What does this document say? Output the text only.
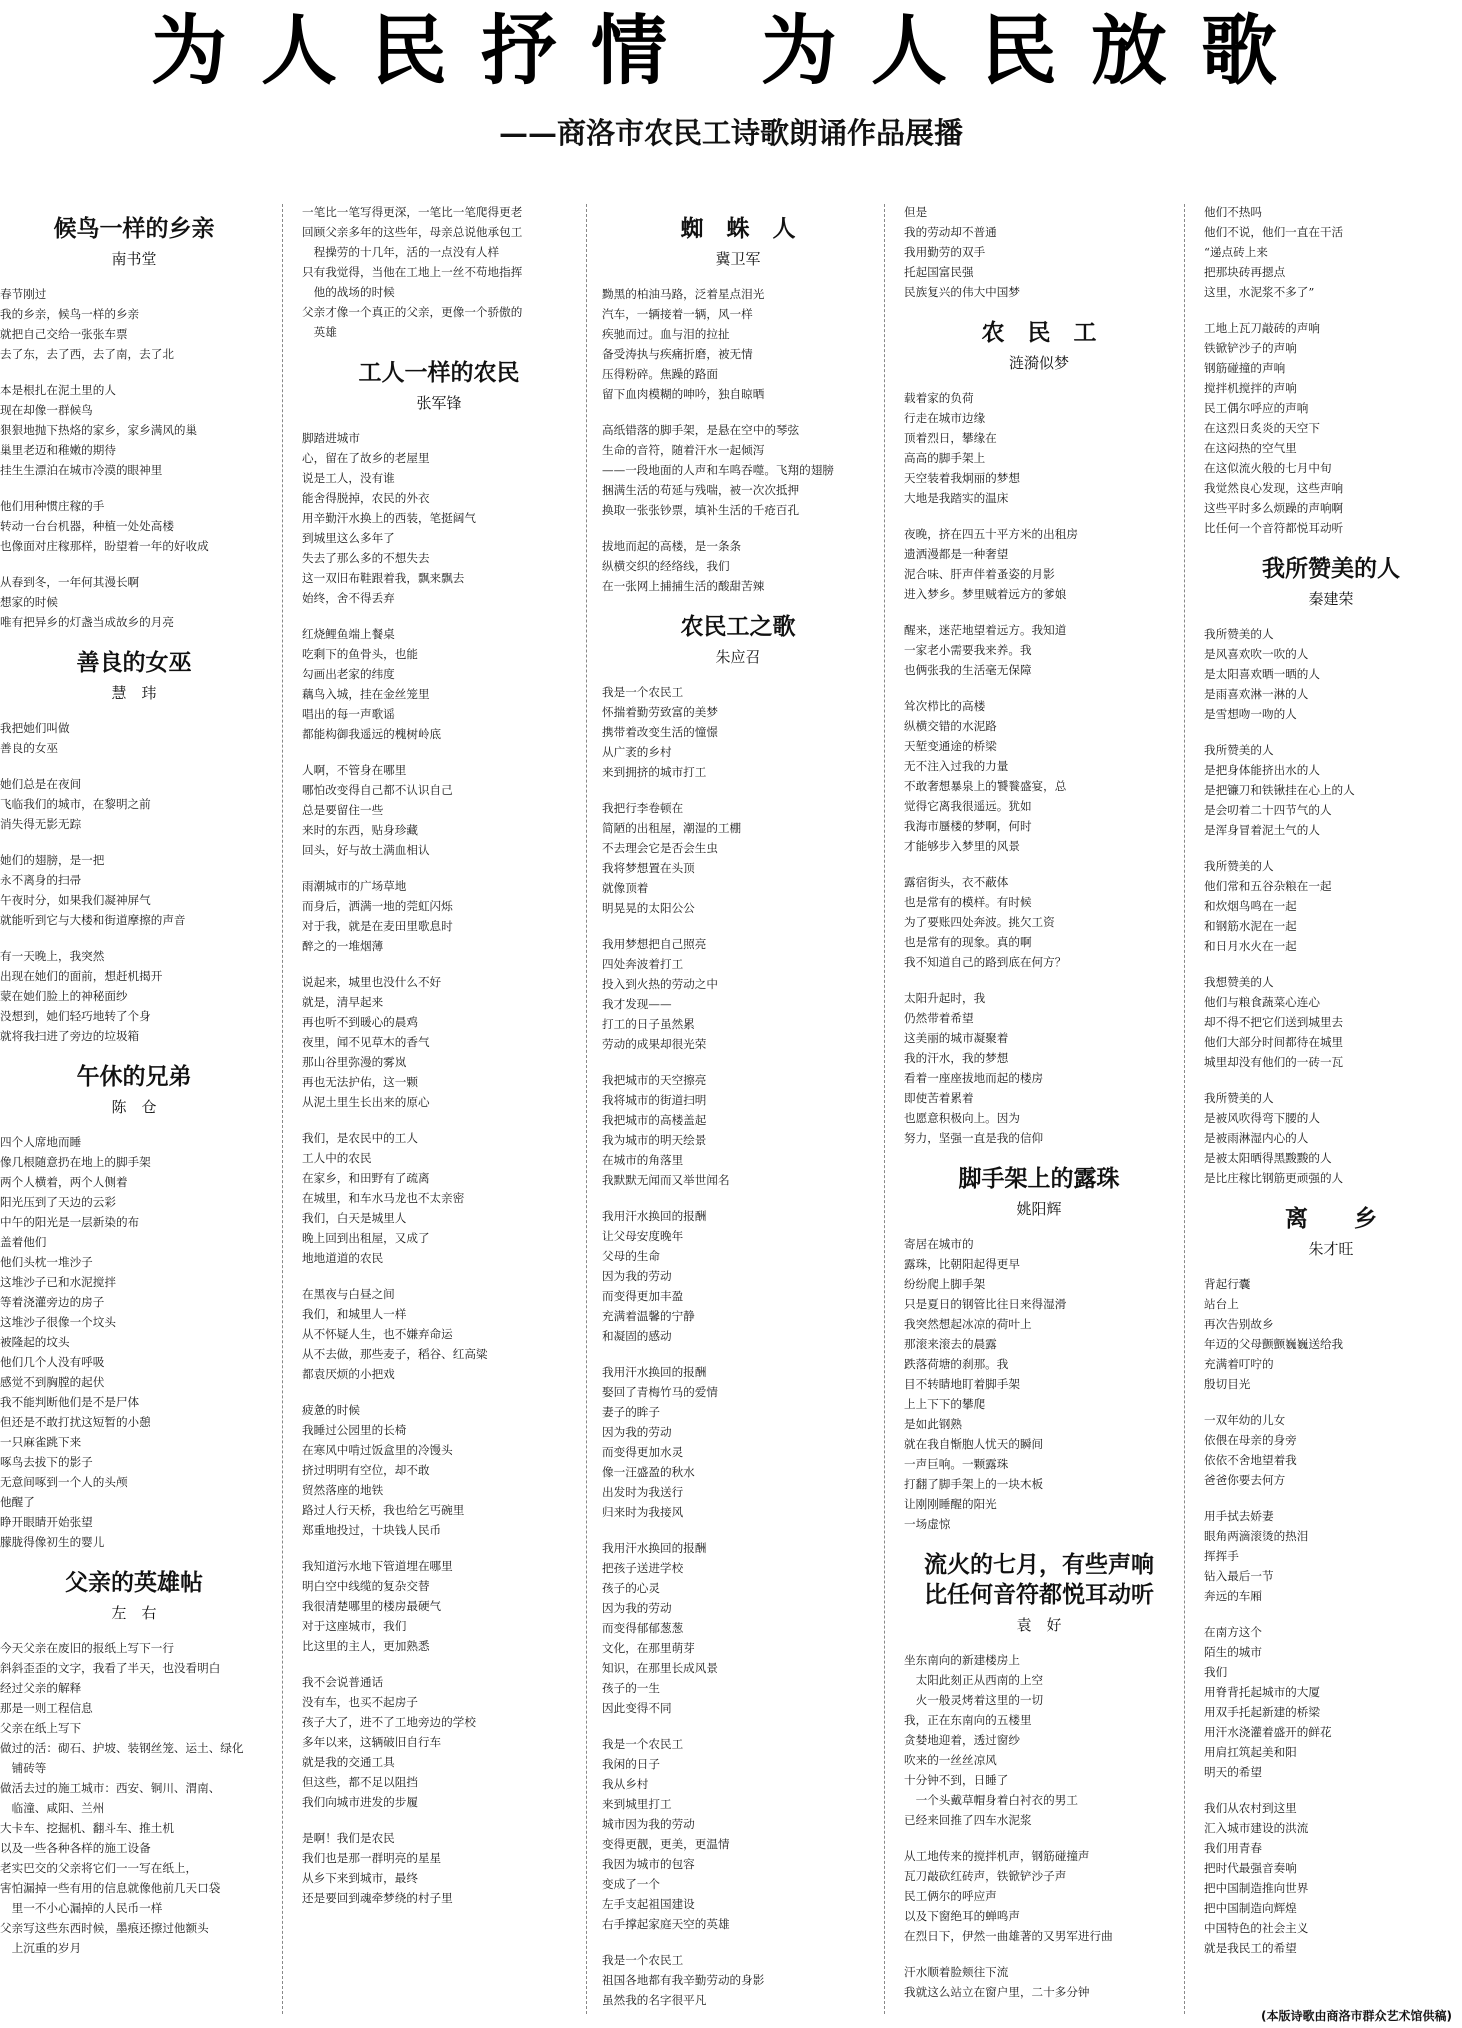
为人民抒情 为人民放歌
——商洛市农民工诗歌朗诵作品展播
候鸟一样的乡亲
南书堂
春节刚过
我的乡亲，候鸟一样的乡亲
就把自己交给一张张车票
去了东，去了西，去了南，去了北
本是根扎在泥土里的人
现在却像一群候鸟
狠狠地抛下热烙的家乡，家乡满风的巢
巢里老迈和稚嫩的期待
挂生生漂泊在城市冷漠的眼神里
他们用种惯庄稼的手
转动一台台机器，种植一处处高楼
也像面对庄稼那样，盼望着一年的好收成
从春到冬，一年何其漫长啊
想家的时候
唯有把异乡的灯盏当成故乡的月亮
善良的女巫
慧　玮
我把她们叫做
善良的女巫
她们总是在夜间
飞临我们的城市，在黎明之前
消失得无影无踪
她们的翅膀，是一把
永不离身的扫帚
午夜时分，如果我们凝神屏气
就能听到它与大楼和街道摩擦的声音
有一天晚上，我突然
出现在她们的面前，想赶机揭开
蒙在她们脸上的神秘面纱
没想到，她们轻巧地转了个身
就将我扫进了旁边的垃圾箱
午休的兄弟
陈　仓
四个人席地而睡
像几根随意扔在地上的脚手架
两个人横着，两个人侧着
阳光压到了天边的云彩
中午的阳光是一层新染的布
盖着他们
他们头枕一堆沙子
这堆沙子已和水泥搅拌
等着浇灌旁边的房子
这堆沙子很像一个坟头
被隆起的坟头
他们几个人没有呼吸
感觉不到胸膛的起伏
我不能判断他们是不是尸体
但还是不敢打扰这短暂的小憩
一只麻雀跳下来
啄鸟去拔下的影子
无意间啄到一个人的头颅
他醒了
睁开眼睛开始张望
朦胧得像初生的婴儿
父亲的英雄帖
左　右
今天父亲在废旧的报纸上写下一行
斜斜歪歪的文字，我看了半天，也没看明白
经过父亲的解释
那是一则工程信息
父亲在纸上写下
做过的活：砌石、护坡、装钢丝笼、运土、绿化
　铺砖等
做活去过的施工城市：西安、铜川、渭南、
　临潼、咸阳、兰州
大卡车、挖掘机、翻斗车、推土机
以及一些各种各样的施工设备
老实巴交的父亲将它们一一写在纸上，
害怕漏掉一些有用的信息就像他前几天口袋
　里一不小心漏掉的人民币一样
父亲写这些东西时候，墨痕还擦过他额头
　上沉重的岁月
一笔比一笔写得更深，一笔比一笔爬得更老
回顾父亲多年的这些年，母亲总说他承包工
　程操劳的十几年，活的一点没有人样
只有我觉得，当他在工地上一丝不苟地指挥
　他的战场的时候
父亲才像一个真正的父亲，更像一个骄傲的
　英雄
工人一样的农民
张军锋
脚踏进城市
心，留在了故乡的老屋里
说是工人，没有谁
能舍得脱掉，农民的外衣
用辛勤汗水换上的西装，笔挺阔气
到城里这么多年了
失去了那么多的不想失去
这一双旧布鞋跟着我，飘来飘去
始终，舍不得丢弃
红烧鲤鱼端上餐桌
吃剩下的鱼骨头，也能
勾画出老家的纬度
藕鸟入城，挂在金丝笼里
唱出的每一声歌谣
都能构御我遥远的槐树岭底
人啊，不管身在哪里
哪怕改变得自己都不认识自己
总是要留住一些
来时的东西，贴身珍藏
回头，好与故土满血相认
雨潮城市的广场草地
而身后，洒满一地的莞虹闪烁
对于我，就是在麦田里歌息时
醉之的一堆烟薄
说起来，城里也没什么不好
就是，清早起来
再也听不到暖心的晨鸡
夜里，闻不见草木的香气
那山谷里弥漫的雾岚
再也无法护佑，这一颗
从泥土里生长出来的原心
我们，是农民中的工人
工人中的农民
在家乡，和田野有了疏离
在城里，和车水马龙也不太亲密
我们，白天是城里人
晚上回到出租屋，又成了
地地道道的农民
在黑夜与白昼之间
我们，和城里人一样
从不怀疑人生，也不嫌弃命运
从不去做，那些麦子，稻谷、红高粱
都袁厌烦的小把戏
疲惫的时候
我睡过公园里的长椅
在寒风中啃过饭盒里的冷馒头
挤过明明有空位，却不敢
贸然落座的地铁
路过人行天桥，我也给乞丐碗里
郑重地投过，十块钱人民币
我知道污水地下管道埋在哪里
明白空中线缆的复杂交替
我很清楚哪里的楼房最硬气
对于这座城市，我们
比这里的主人，更加熟悉
我不会说普通话
没有车，也买不起房子
孩子大了，进不了工地旁边的学校
多年以来，这辆破旧自行车
就是我的交通工具
但这些，都不足以阻挡
我们向城市进发的步履
是啊！我们是农民
我们也是那一群明亮的星星
从乡下来到城市，最终
还是要回到魂牵梦绕的村子里
蜘　蛛　人
冀卫军
黝黑的柏油马路，泛着星点泪光
汽车，一辆接着一辆，风一样
疾驰而过。血与泪的拉扯
备受涛执与疾痛折磨，被无情
压得粉碎。焦躁的路面
留下血肉模糊的呻吟，独自晾晒
高纸错落的脚手架，是悬在空中的琴弦
生命的音符，随着汗水一起倾泻
——一段地面的人声和车鸣吞噬。飞翔的翅膀
捆满生活的苟延与残喘，被一次次抵押
换取一张张钞票，填补生活的千疮百孔
拔地而起的高楼，是一条条
纵横交织的经络线，我们
在一张网上捕捕生活的酸甜苦辣
农民工之歌
朱应召
我是一个农民工
怀揣着勤劳致富的美梦
携带着改变生活的憧憬
从广袤的乡村
来到拥挤的城市打工
我把行李卷顿在
简陋的出租屋，潮湿的工棚
不去理会它是否会生虫
我将梦想置在头顶
就像顶着
明晃晃的太阳公公
我用梦想把自己照亮
四处奔波着打工
投入到火热的劳动之中
我才发现——
打工的日子虽然累
劳动的成果却很光荣
我把城市的天空擦亮
我将城市的街道扫明
我把城市的高楼盖起
我为城市的明天绘景
在城市的角落里
我默默无闻而又举世闻名
我用汗水换回的报酬
让父母安度晚年
父母的生命
因为我的劳动
而变得更加丰盈
充满着温馨的宁静
和凝固的感动
我用汗水换回的报酬
娶回了青梅竹马的爱情
妻子的眸子
因为我的劳动
而变得更加水灵
像一汪盛盈的秋水
出发时为我送行
归来时为我接风
我用汗水换回的报酬
把孩子送进学校
孩子的心灵
因为我的劳动
而变得郁郁葱葱
文化，在那里萌芽
知识，在那里长成风景
孩子的一生
因此变得不同
我是一个农民工
我闲的日子
我从乡村
来到城里打工
城市因为我的劳动
变得更靓，更美，更温情
我因为城市的包容
变成了一个
左手支起祖国建设
右手撑起家庭天空的英雄
我是一个农民工
祖国各地都有我辛勤劳动的身影
虽然我的名字很平凡
但是
我的劳动却不普通
我用勤劳的双手
托起国富民强
民族复兴的伟大中国梦
农　民　工
涟漪似梦
载着家的负荷
行走在城市边缘
顶着烈日，攀缘在
高高的脚手架上
天空装着我炯丽的梦想
大地是我踏实的温床
夜晚，挤在四五十平方米的出租房
遗洒漫都是一种奢望
泥合味、肝声伴着蚤姿的月影
进入梦乡。梦里贼着远方的爹娘
醒来，迷茫地望着远方。我知道
一家老小需要我来养。我
也俩张我的生活毫无保障
耸次栉比的高楼
纵横交错的水泥路
天堑变通途的桥梁
无不注入过我的力量
不敢奢想暴泉上的饕餮盛宴，总
觉得它离我很遥远。犹如
我海市蜃楼的梦啊，何时
才能够步入梦里的风景
露宿街头，衣不蔽体
也是常有的模样。有时候
为了要账四处奔波。挑欠工资
也是常有的现象。真的啊
我不知道自己的路到底在何方？
太阳升起时，我
仍然带着希望
这美丽的城市凝聚着
我的汗水，我的梦想
看着一座座拔地而起的楼房
即使苦着累着
也愿意积极向上。因为
努力，坚强一直是我的信仰
脚手架上的露珠
姚阳辉
寄居在城市的
露珠，比朝阳起得更早
纷纷爬上脚手架
只是夏日的钢管比往日来得湿滑
我突然想起冰凉的荷叶上
那滚来滚去的晨露
跌落荷塘的刹那。我
目不转睛地盯着脚手架
上上下下的攀爬
是如此钢熟
就在我自惭胞人忧天的瞬间
一声巨响。一颗露珠
打翻了脚手架上的一块木板
让刚刚睡醒的阳光
一场虚惊
流火的七月，有些声响
比任何音符都悦耳动听
袁　好
坐东南向的新建楼房上
　太阳此刻正从西南的上空
　火一般灵烤着这里的一切
我，正在东南向的五楼里
贪婪地迎着，透过窗纱
吹来的一丝丝凉风
十分钟不到，日睡了
　一个头戴草帽身着白衬衣的男工
已经来回推了四车水泥浆
从工地传来的搅拌机声，钢筋碰撞声
瓦刀敲砍红砖声，铁锨铲沙子声
民工俩尔的呼应声
以及下窗绝耳的蝉鸣声
在烈日下，伊然一曲雄著的又男军进行曲
汗水顺着脸颊往下流
我就这么站立在窗户里，二十多分钟
他们不热吗
他们不说，他们一直在干活
“递点砖上来
把那块砖再摁点
这里，水泥浆不多了”
工地上瓦刀敲砖的声响
铁锨铲沙子的声响
钢筋碰撞的声响
搅拌机搅拌的声响
民工偶尔呼应的声响
在这烈日炙炎的天空下
在这闷热的空气里
在这似流火般的七月中旬
我觉然良心发现，这些声响
这些平时多么烦躁的声响啊
比任何一个音符都悦耳动听
我所赞美的人
秦建荣
我所赞美的人
是风喜欢吹一吹的人
是太阳喜欢晒一晒的人
是雨喜欢淋一淋的人
是雪想吻一吻的人
我所赞美的人
是把身体能挤出水的人
是把镰刀和铁锹挂在心上的人
是会叨着二十四节气的人
是浑身冒着泥土气的人
我所赞美的人
他们常和五谷杂粮在一起
和炊烟鸟鸣在一起
和钢筋水泥在一起
和日月水火在一起
我想赞美的人
他们与粮食蔬菜心连心
却不得不把它们送到城里去
他们大部分时间都待在城里
城里却没有他们的一砖一瓦
我所赞美的人
是被风吹得弯下腰的人
是被雨淋湿内心的人
是被太阳晒得黑黢黢的人
是比庄稼比钢筋更顽强的人
离　　乡
朱才旺
背起行囊
站台上
再次告别故乡
年迈的父母颤颤巍巍送给我
充满着叮咛的
殷切目光
一双年幼的儿女
依偎在母亲的身旁
依依不舍地望着我
爸爸你要去何方
用手拭去娇妻
眼角两滴滚烫的热泪
挥挥手
钻入最后一节
奔远的车厢
在南方这个
陌生的城市
我们
用脊背托起城市的大厦
用双手托起新建的桥梁
用汗水浇灌着盛开的鲜花
用肩扛筑起美和阳
明天的希望
我们从农村到这里
汇入城市建设的洪流
我们用青春
把时代最强音奏响
把中国制造推向世界
把中国制造向辉煌
中国特色的社会主义
就是我民工的希望
(本版诗歌由商洛市群众艺术馆供稿)
